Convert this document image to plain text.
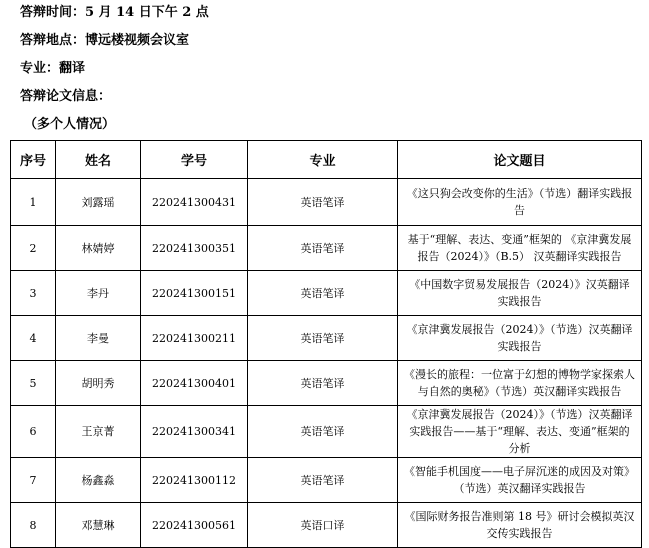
答辩时间：5 月 14 日下午 2 点
答辩地点：博远楼视频会议室
专业：翻译
答辩论文信息：
（多个人情况）
序号	姓名	学号	专业	论文题目
1	刘露瑶	220241300431	英语笔译	《这只狗会改变你的生活》（节选）翻译实践报告
2	林婧婷	220241300351	英语笔译	基于“理解、表达、变通”框架的 《京津冀发展报告（2024）》（B.5） 汉英翻译实践报告
3	李丹	220241300151	英语笔译	《中国数字贸易发展报告（2024）》汉英翻译实践报告
4	李曼	220241300211	英语笔译	《京津冀发展报告（2024）》（节选）汉英翻译实践报告
5	胡明秀	220241300401	英语笔译	《漫长的旅程：一位富于幻想的博物学家探索人与自然的奥秘》（节选）英汉翻译实践报告
6	王京菁	220241300341	英语笔译	《京津冀发展报告（2024）》（节选）汉英翻译实践报告——基于“理解、表达、变通”框架的分析
7	杨鑫淼	220241300112	英语笔译	《智能手机国度——电子屏沉迷的成因及对策》（节选）英汉翻译实践报告
8	邓慧琳	220241300561	英语口译	《国际财务报告准则第 18 号》研讨会模拟英汉交传实践报告
